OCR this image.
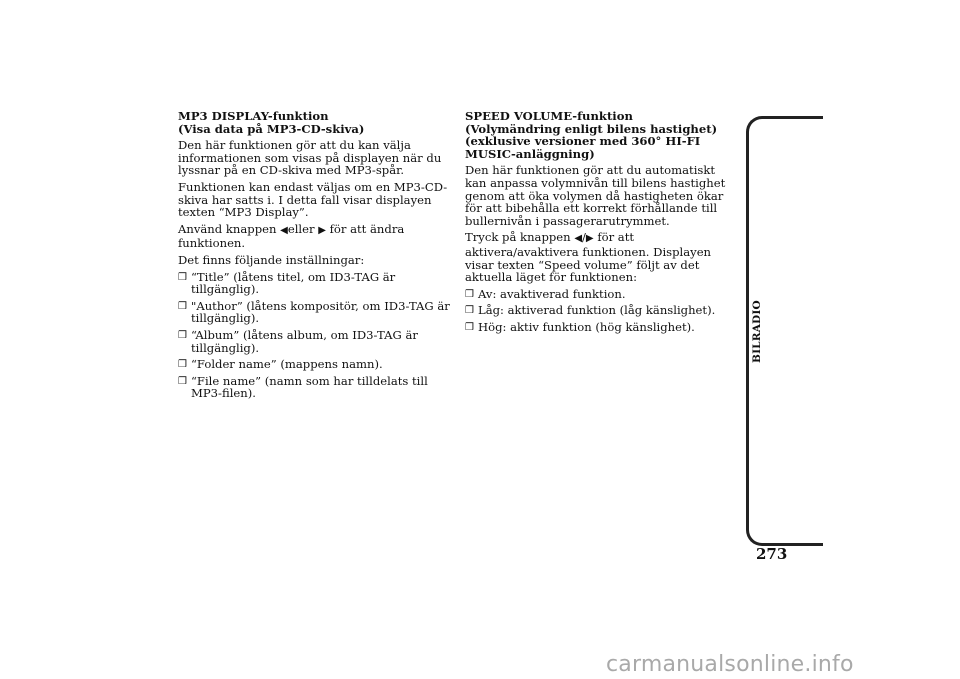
MP3 DISPLAY-funktion
(Visa data på MP3-CD-skiva)

Den här funktionen gör att du kan välja informationen som visas på displayen när du lyssnar på en CD-skiva med MP3-spår.

Funktionen kan endast väljas om en MP3-CD-skiva har satts i. I detta fall visar displayen texten “MP3 Display”.

Använd knappen ◀eller ▶ för att ändra funktionen.

Det finns följande inställningar:

❒ “Title” (låtens titel, om ID3-TAG är tillgänglig).
❒ "Author” (låtens kompositör, om ID3-TAG är tillgänglig).
❒ “Album” (låtens album, om ID3-TAG är tillgänglig).
❒ “Folder name” (mappens namn).
❒ “File name” (namn som har tilldelats till MP3-filen).
SPEED VOLUME-funktion
(Volymändring enligt bilens hastighet)
(exklusive versioner med 360° HI-FI MUSIC-anläggning)

Den här funktionen gör att du automatiskt kan anpassa volymnivån till bilens hastighet genom att öka volymen då hastigheten ökar för att bibehålla ett korrekt förhållande till bullernivån i passagerarutrymmet.

Tryck på knappen ◀/▶ för att aktivera/avaktivera funktionen. Displayen visar texten “Speed volume” följt av det aktuella läget för funktionen:

❒ Av: avaktiverad funktion.
❒ Låg: aktiverad funktion (låg känslighet).
❒ Hög: aktiv funktion (hög känslighet).	BILRADIO
273
carmanualsonline.info
